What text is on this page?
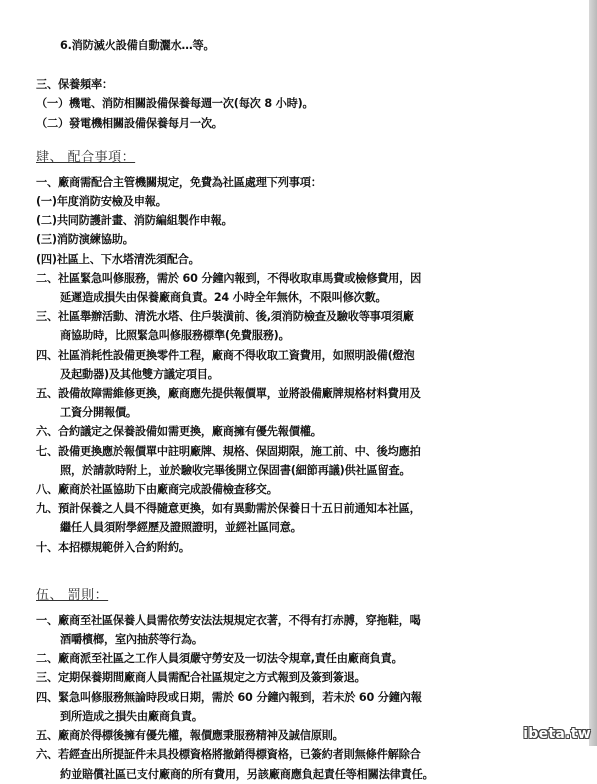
6.消防滅火設備自動灑水…等。
三、保養頻率：
（一）機電、消防相關設備保養每週一次(每次 8 小時)。
（二）發電機相關設備保養每月一次。
肆、 配合事項：
一、廠商需配合主管機關規定，免費為社區處理下列事項：
(一)年度消防安檢及申報。
(二)共同防護計畫、消防編組製作申報。
(三)消防演練協助。
(四)社區上、下水塔清洗須配合。
二、社區緊急叫修服務，需於 60 分鐘內報到，不得收取車馬費或檢修費用，因
延遲造成損失由保養廠商負責。24 小時全年無休，不限叫修次數。
三、社區舉辦活動、清洗水塔、住戶裝潢前、後,須消防檢查及驗收等事項須廠
商協助時，比照緊急叫修服務標準(免費服務)。
四、社區消耗性設備更換零件工程，廠商不得收取工資費用，如照明設備(燈泡
及起動器)及其他雙方議定項目。
五、設備故障需維修更換，廠商應先提供報價單，並將設備廠牌規格材料費用及
工資分開報價。
六、合約議定之保養設備如需更換，廠商擁有優先報價權。
七、設備更換應於報價單中註明廠牌、規格、保固期限，施工前、中、後均應拍
照，於請款時附上，並於驗收完畢後開立保固書(細節再議)供社區留查。
八、廠商於社區協助下由廠商完成設備檢查移交。
九、預計保養之人員不得隨意更換，如有異動需於保養日十五日前通知本社區，
繼任人員須附學經歷及證照證明，並經社區同意。
十、本招標規範併入合約附約。
伍、 罰則：
一、廠商至社區保養人員需依勞安法法規規定衣著，不得有打赤膊，穿拖鞋，喝
酒嚼檳榔，室內抽菸等行為。
二、廠商派至社區之工作人員須嚴守勞安及一切法令規章,責任由廠商負責。
三、定期保養期間廠商人員需配合社區規定之方式報到及簽到簽退。
四、緊急叫修服務無論時段或日期，需於 60 分鐘內報到，若未於 60 分鐘內報
到所造成之損失由廠商負責。
五、廠商於得標後擁有優先權，報價應秉服務精神及誠信原則。
六、若經查出所提証件未具投標資格將撤銷得標資格，已簽約者則無條件解除合
約並賠償社區已支付廠商的所有費用，另該廠商應負起責任等相關法律責任。
ibeta.tw
